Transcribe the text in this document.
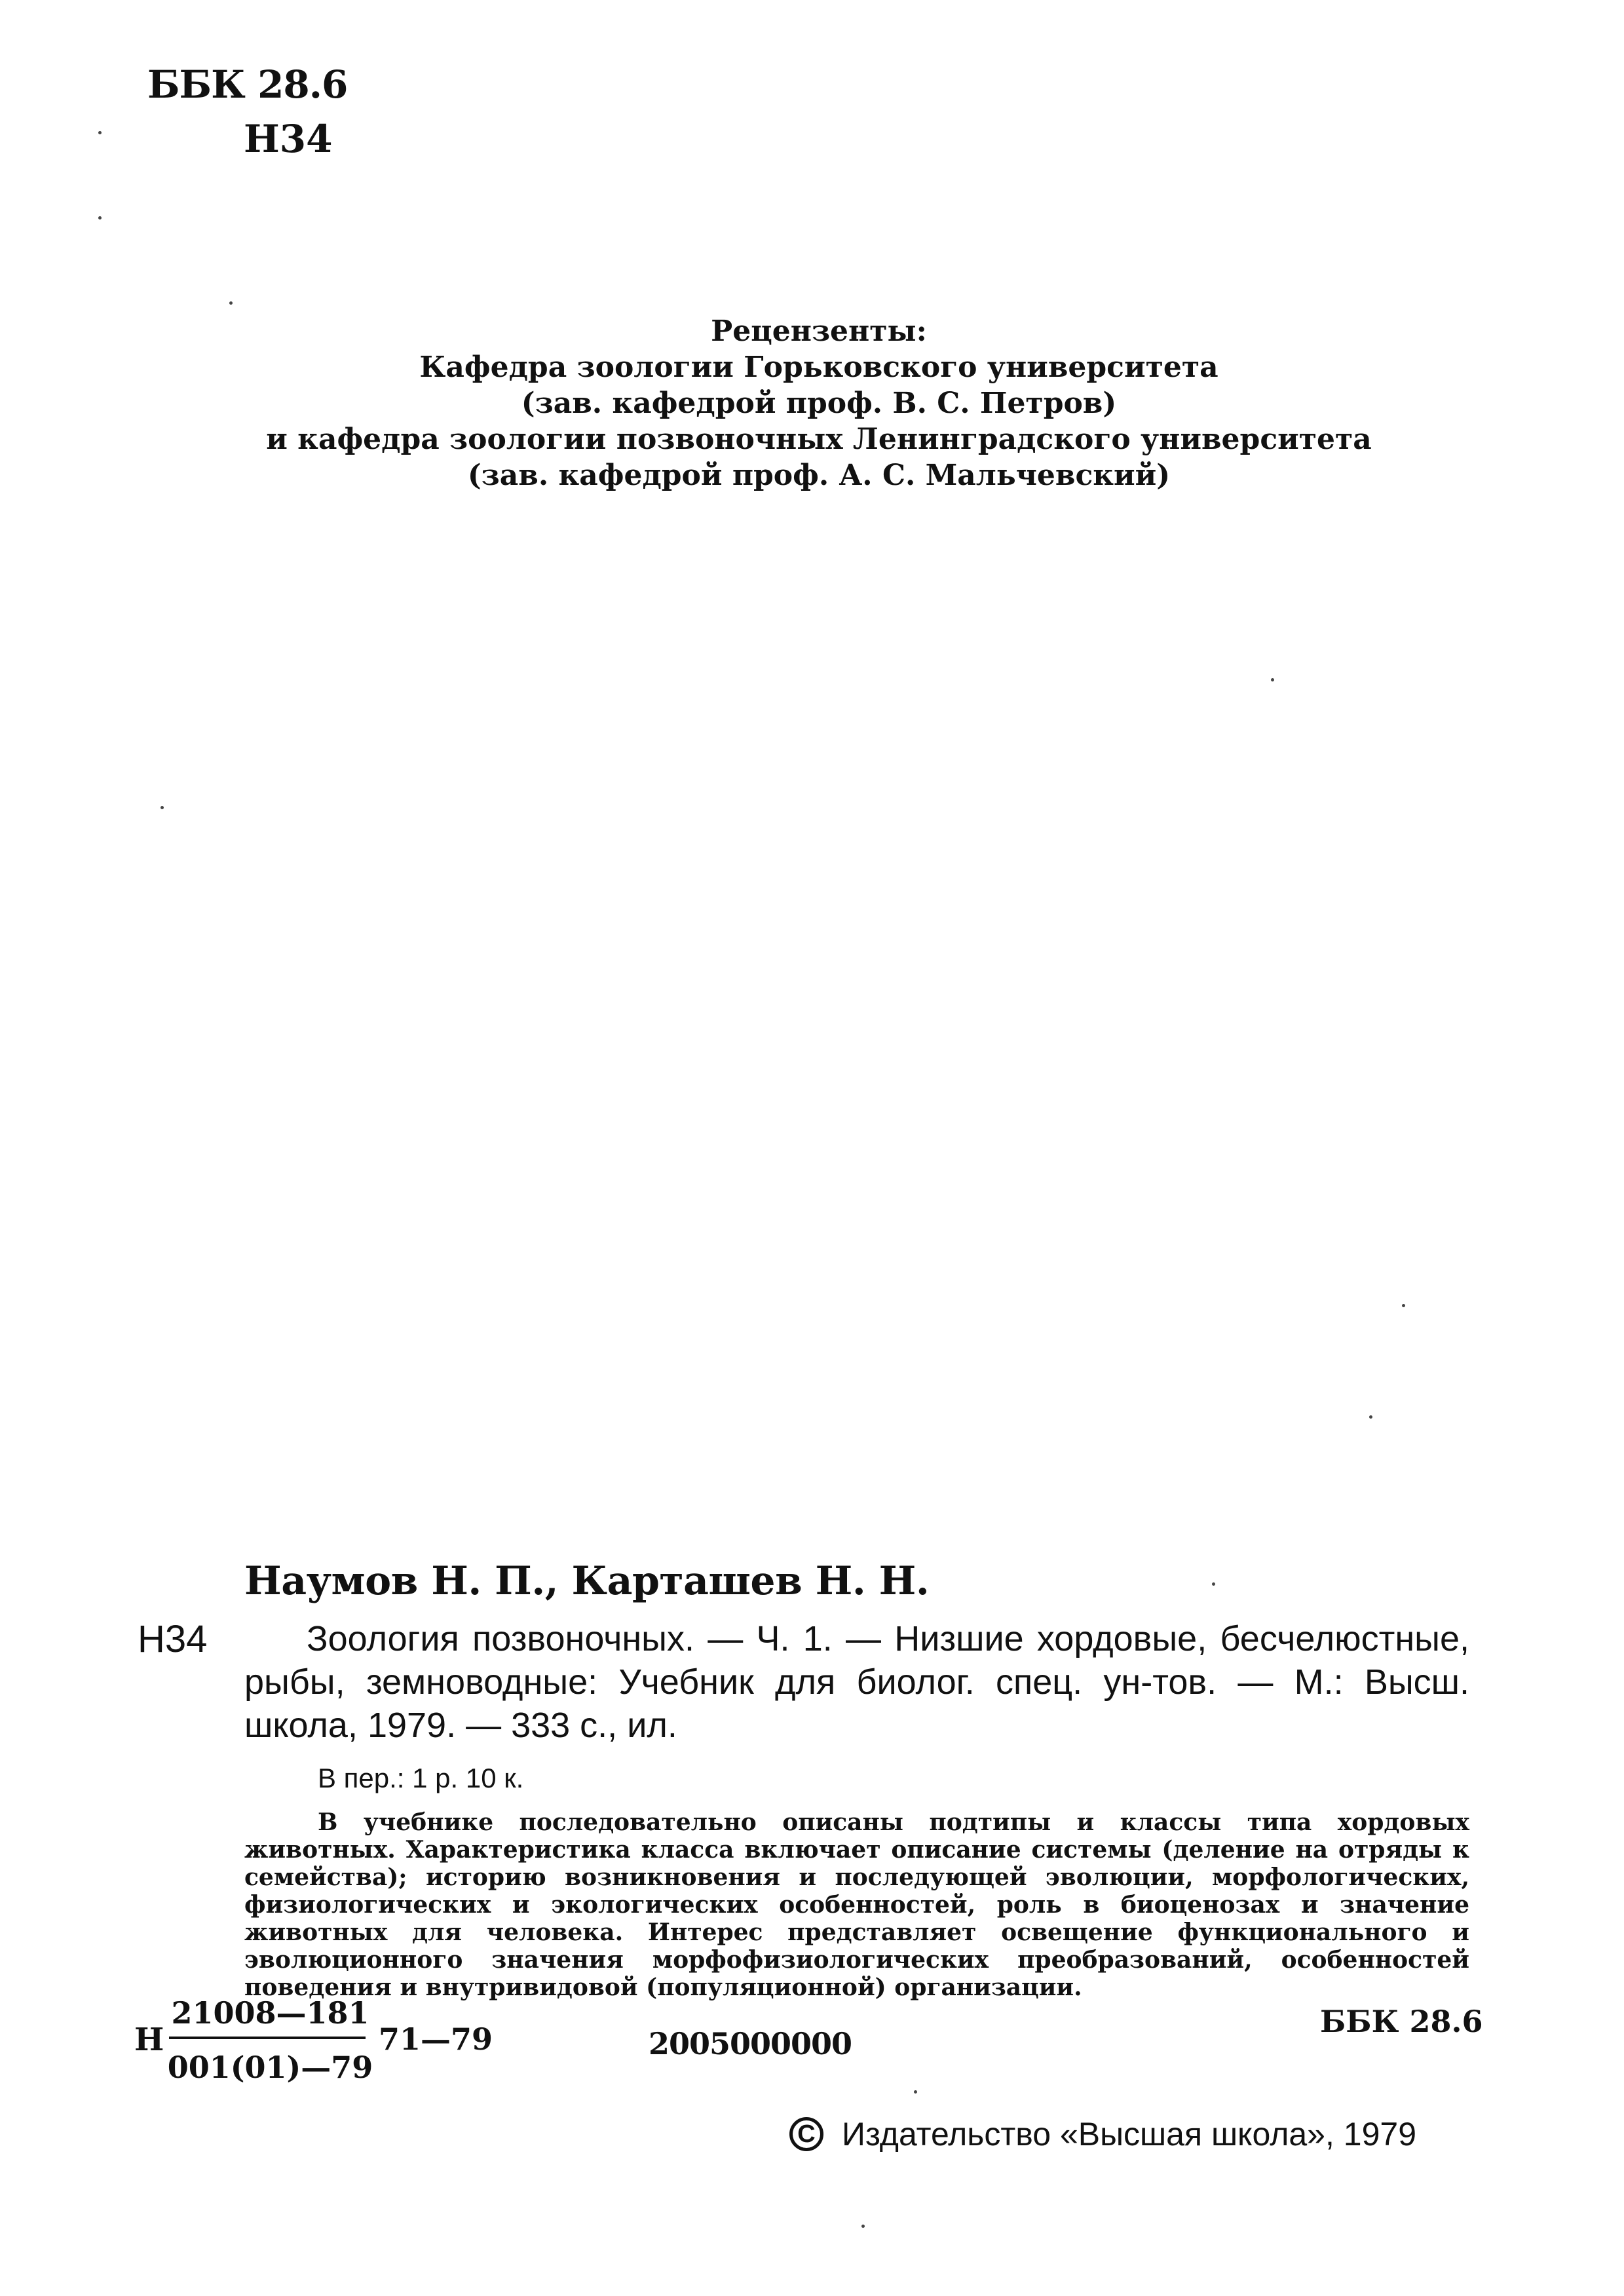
ББК 28.6
Н34
Рецензенты:
Кафедра зоологии Горьковского университета
(зав. кафедрой проф. В. С. Петров)
и кафедра зоологии позвоночных Ленинградского университета
(зав. кафедрой проф. А. С. Мальчевский)
Наумов Н. П., Карташев Н. Н.
Н34	Зоология позвоночных. — Ч. 1. — Низшие хордовые, бесчелюстные, рыбы, земноводные: Учебник для биолог. спец. ун-тов. — М.: Высш. школа, 1979. — 333 с., ил.
В пер.: 1 р. 10 к.
В учебнике последовательно описаны подтипы и классы типа хордовых животных. Характеристика класса включает описание системы (деление на отряды к семейства); историю возникновения и последующей эволюции, морфологических, физиологических и экологических особенностей, роль в биоценозах и значение животных для человека. Интерес представляет освещение функционального и эволюционного значения морфофизиологических преобразований, особенностей поведения и внутривидовой (популяционной) организации.
Н
21008—181
001(01)—79
71—79	2005000000
ББК 28.6
C Издательство «Высшая школа», 1979
